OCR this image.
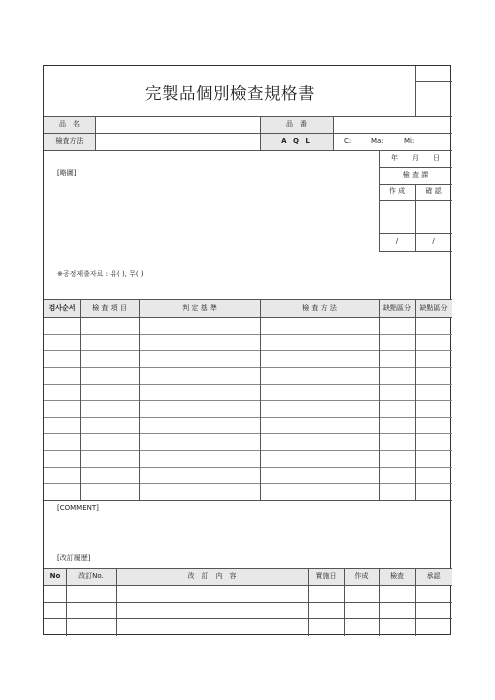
完製品個別檢查規格書
品　名	品　番
檢査方法	A Q L	C:	Ma:	Mi:
[略圖]
※공정제출자료 : 유( ), 무( )
年　　月　　日
檢 査 課
作 成	確 認
/	/
검사순서	檢 査 項 目	判 定 基 準	檢 査 方 法	缺點區分	缺點區分
[COMMENT]
[改訂履歷]
No	改訂No.	改　訂　内　容	實施日	作成	檢査	承認
